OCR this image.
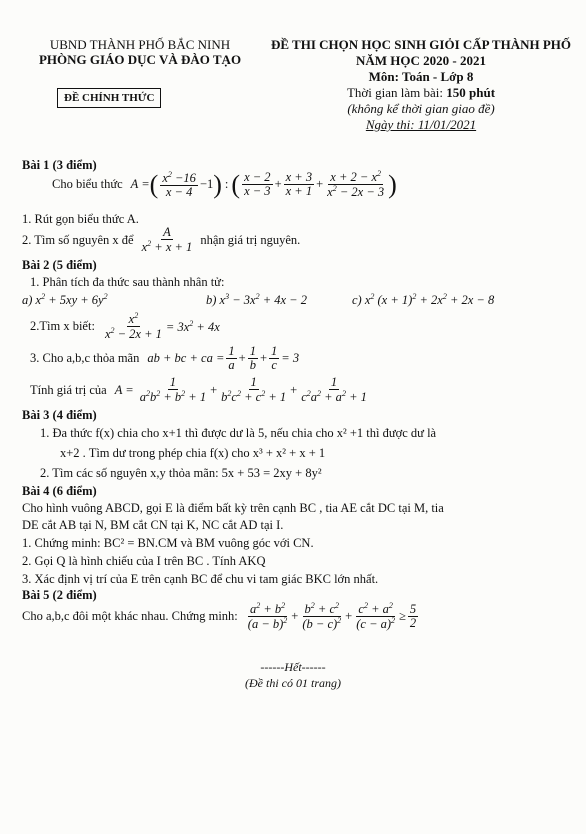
UBND THÀNH PHỐ BẮC NINH
PHÒNG GIÁO DỤC VÀ ĐÀO TẠO
ĐỀ CHÍNH THỨC
ĐỀ THI CHỌN HỌC SINH GIỎI CẤP THÀNH PHỐ
NĂM HỌC 2020 - 2021
Môn: Toán - Lớp 8
Thời gian làm bài: 150 phút
(không kể thời gian giao đề)
Ngày thi: 11/01/2021
Bài 1 (3 điểm)
Cho biểu thức A = ( $\frac{x^2 -16}{x - 4} -1$ ) : ( $\frac{x - 2}{x - 3} + \frac{x + 3}{x + 1} + \frac{x + 2 - x^2}{x^2 - 2x - 3}$ )
1. Rút gọn biểu thức A.
2. Tìm số nguyên x để $\frac{A}{x^2 + x + 1}$ nhận giá trị nguyên.
Bài 2 (5 điểm)
1. Phân tích đa thức sau thành nhân tử:
a) $x^2 + 5xy + 6y^2$	b) $x^3 - 3x^2 + 4x - 2$	c) $x^2$ $(x + 1)^2 + 2x^2 + 2x - 8$
2.Tìm x biết: $\frac{x^2}{x^2 - 2x + 1} = 3x^2 + 4x$
3. Cho a,b,c thỏa mãn ab + bc + ca = $\frac{1}{a} + \frac{1}{b} + \frac{1}{c} = 3$
Tính giá trị của $A = \frac{1}{a^2b^2 + b^2 + 1} + \frac{1}{b^2c^2 + c^2 + 1} + \frac{1}{c^2a^2 + a^2 + 1}$
Bài 3 (4 điểm)
1. Đa thức f(x) chia cho x+1 thì được dư là 5, nếu chia cho x² +1 thì được dư là
x+2 . Tìm dư trong phép chia f(x) cho x³ + x² + x + 1
2. Tìm các số nguyên x,y thỏa mãn: 5x + 53 = 2xy + 8y²
Bài 4 (6 điểm)
Cho hình vuông ABCD, gọi E là điểm bất kỳ trên cạnh BC , tia AE cắt DC tại M, tia
DE cắt AB tại N, BM cắt CN tại K, NC cắt AD tại I.
1. Chứng minh: BC² = BN.CM và BM vuông góc với CN.
2. Gọi Q là hình chiếu của I trên BC . Tính AKQ
3. Xác định vị trí của E trên cạnh BC để chu vi tam giác BKC lớn nhất.
Bài 5 (2 điểm)
Cho a,b,c đôi một khác nhau. Chứng minh: $\frac{a^2 + b^2}{(a - b)^2} + \frac{b^2 + c^2}{(b - c)^2} + \frac{c^2 + a^2}{(c - a)^2} \ge \frac{5}{2}$
------Hết------
(Đề thi có 01 trang)
